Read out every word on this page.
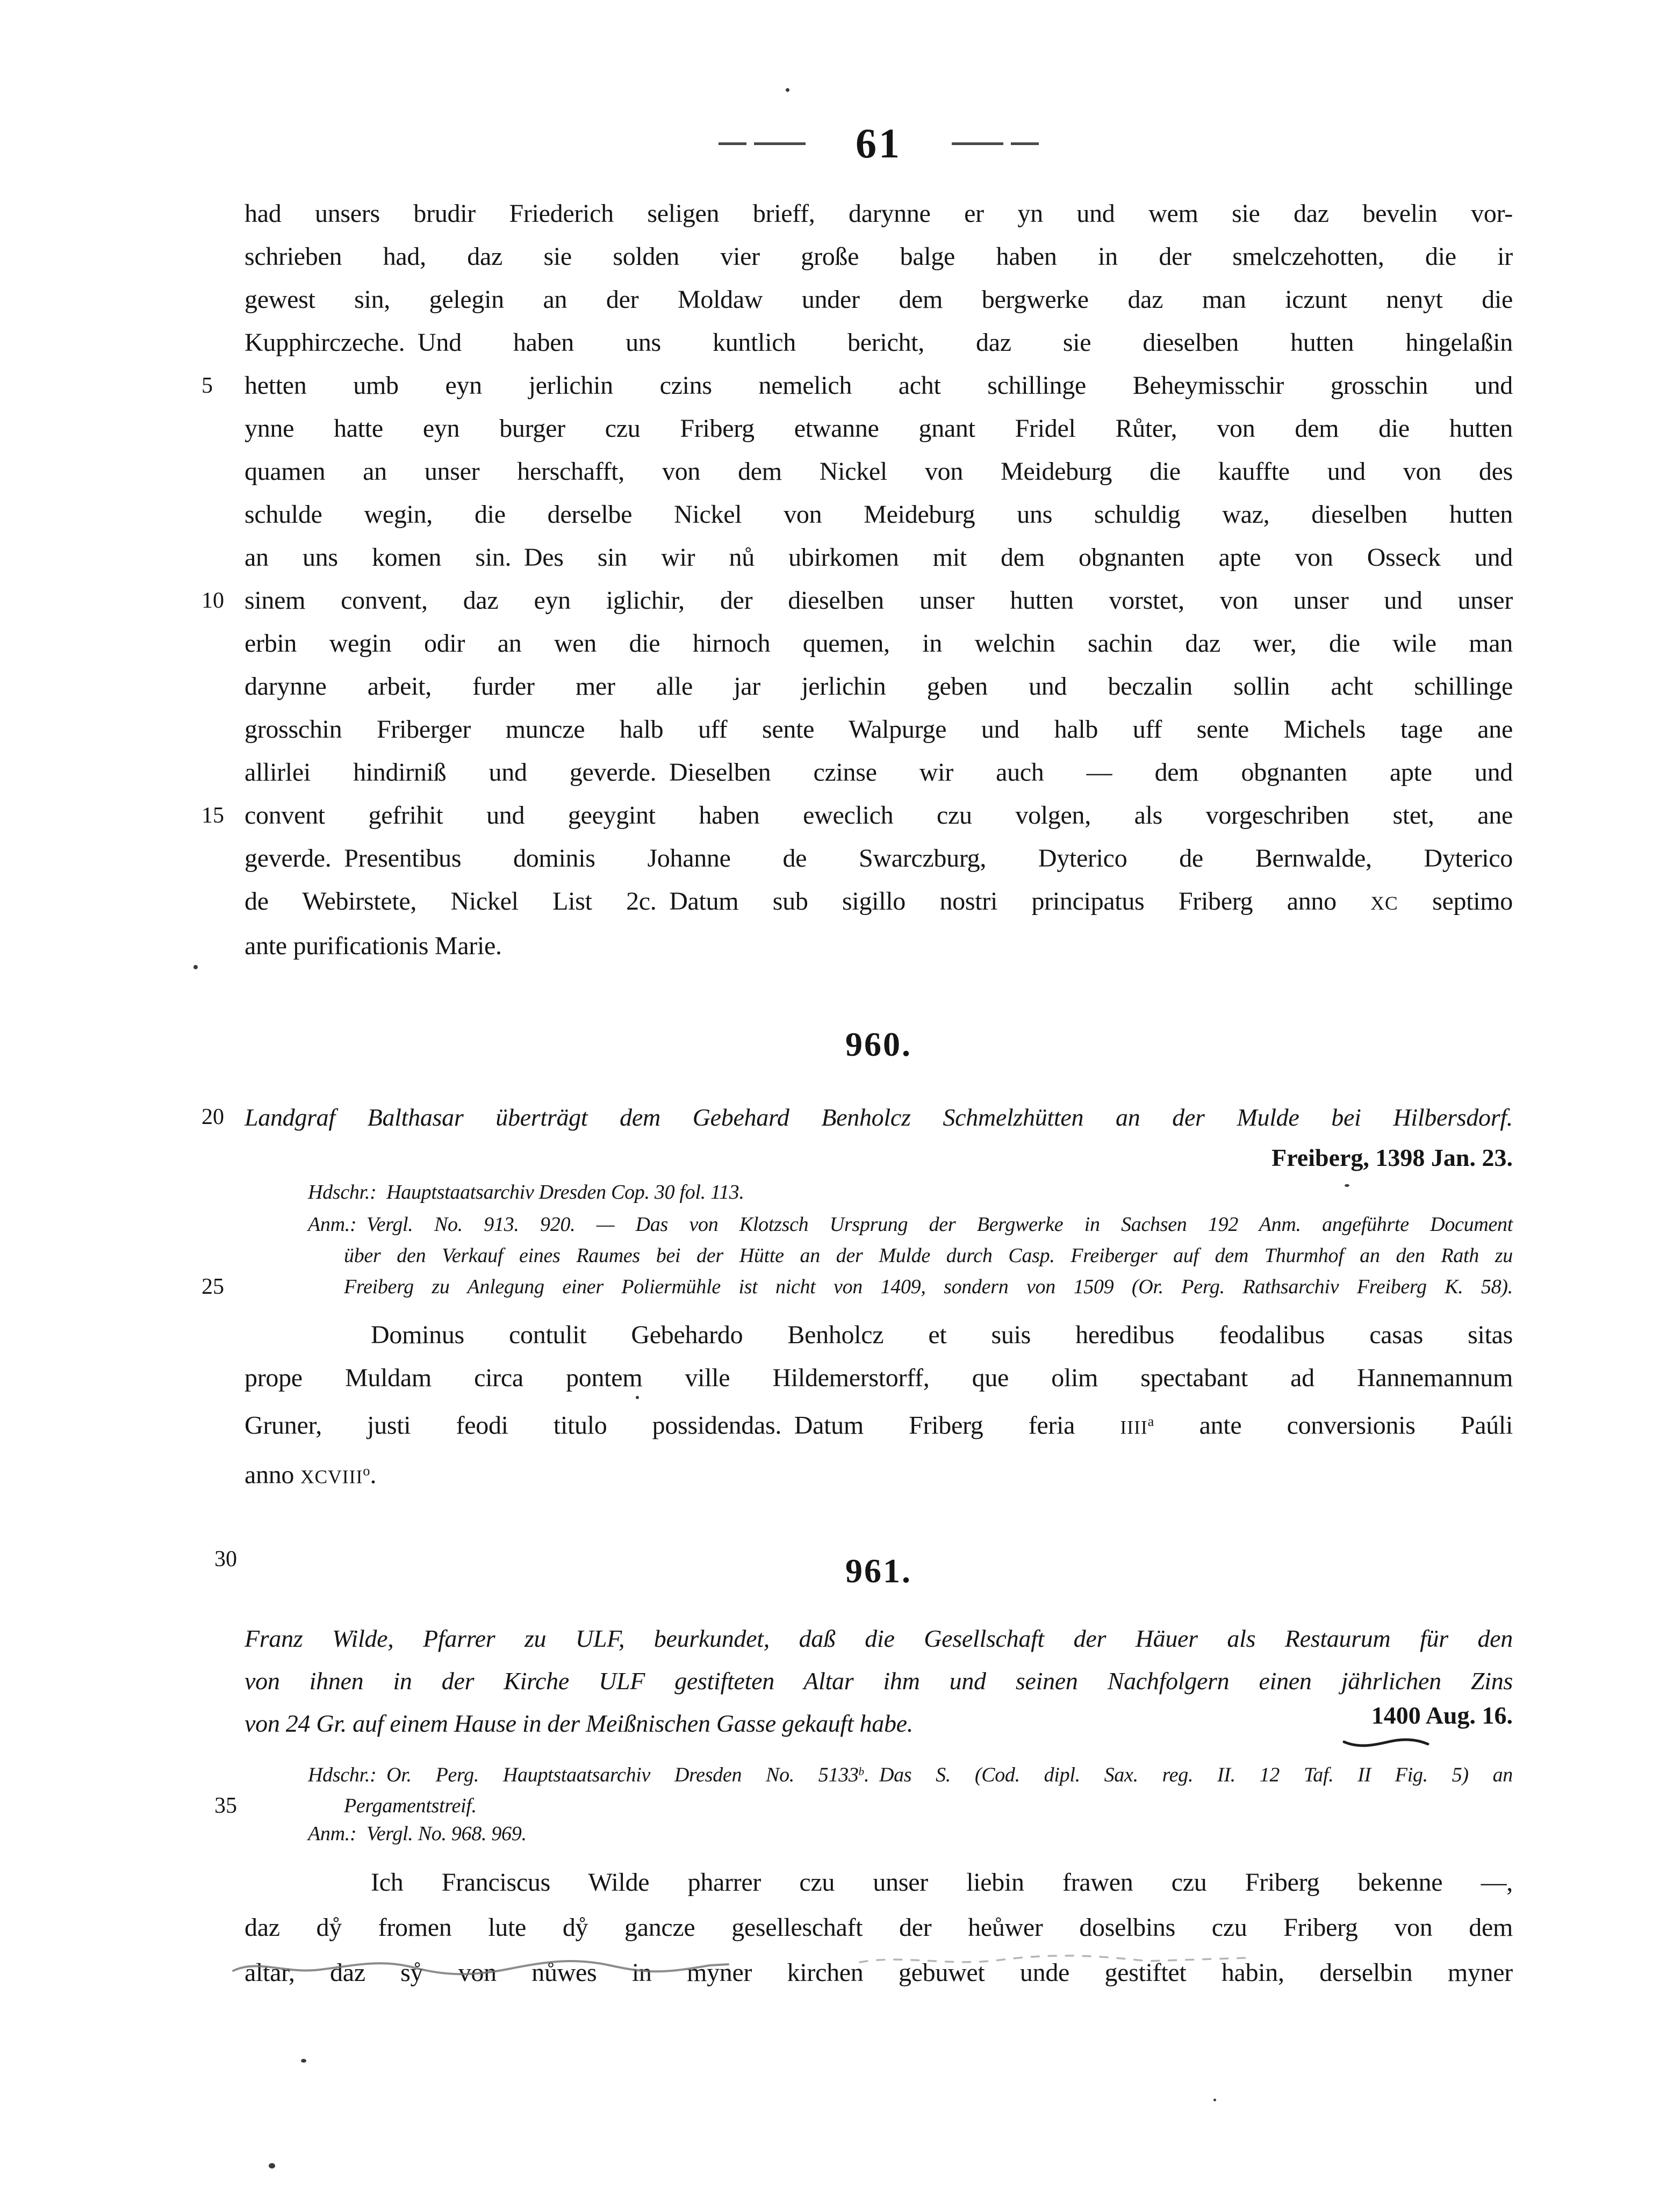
61
had unsers brudir Friederich seligen brieff, darynne er yn und wem sie daz bevelin vor-
schrieben had, daz sie solden vier große balge haben in der smelczehotten, die ir
gewest sin, gelegin an der Moldaw under dem bergwerke daz man iczunt nenyt die
Kupphirczeche. Und haben uns kuntlich bericht, daz sie dieselben hutten hingelaßin
5	hetten umb eyn jerlichin czins nemelich acht schillinge Beheymisschir grosschin und
ynne hatte eyn burger czu Friberg etwanne gnant Fridel Růter, von dem die hutten
quamen an unser herschafft, von dem Nickel von Meideburg die kauffte und von des
schulde wegin, die derselbe Nickel von Meideburg uns schuldig waz, dieselben hutten
an uns komen sin. Des sin wir nů ubirkomen mit dem obgnanten apte von Osseck und
10 sinem convent, daz eyn iglichir, der dieselben unser hutten vorstet, von unser und unser
erbin wegin odir an wen die hirnoch quemen, in welchin sachin daz wer, die wile man
darynne arbeit, furder mer alle jar jerlichin geben und beczalin sollin acht schillinge
grosschin Friberger muncze halb uff sente Walpurge und halb uff sente Michels tage ane
allirlei hindirniß und geverde. Dieselben czinse wir auch — dem obgnanten apte und
15 convent gefrihit und geeygint haben eweclich czu volgen, als vorgeschriben stet, ane
geverde. Presentibus dominis Johanne de Swarczburg, Dyterico de Bernwalde, Dyterico
de Webirstete, Nickel List 2c. Datum sub sigillo nostri principatus Friberg anno XC septimo
ante purificationis Marie.
960.
20 Landgraf Balthasar überträgt dem Gebehard Benholcz Schmelzhütten an der Mulde bei Hilbersdorf.
Freiberg, 1398 Jan. 23.
Hdschr.: Hauptstaatsarchiv Dresden Cop. 30 fol. 113.
Anm.: Vergl. No. 913. 920. — Das von Klotzsch Ursprung der Bergwerke in Sachsen 192 Anm. angeführte Document
über den Verkauf eines Raumes bei der Hütte an der Mulde durch Casp. Freiberger auf dem Thurmhof an den Rath zu
25	Freiberg zu Anlegung einer Poliermühle ist nicht von 1409, sondern von 1509 (Or. Perg. Rathsarchiv Freiberg K. 58).
Dominus contulit Gebehardo Benholcz et suis heredibus feodalibus casas sitas
prope Muldam circa pontem ville Hildemerstorff, que olim spectabant ad Hannemannum
Gruner, justi feodi titulo possidendas. Datum Friberg feria IIII$^a$ ante conversionis Paúli
anno XCVIII$^o$.
30	961.
Franz Wilde, Pfarrer zu ULF, beurkundet, daß die Gesellschaft der Häuer als Restaurum für den
von ihnen in der Kirche ULF gestifteten Altar ihm und seinen Nachfolgern einen jährlichen Zins
von 24 Gr. auf einem Hause in der Meißnischen Gasse gekauft habe.	1400 Aug. 16.
Hdschr.: Or. Perg. Hauptstaatsarchiv Dresden No. 5133$^b$. Das S. (Cod. dipl. Sax. reg. II. 12 Taf. II Fig. 5) an
35	Pergamentstreif.
Anm.: Vergl. No. 968. 969.
Ich Franciscus Wilde pharrer czu unser liebin frawen czu Friberg bekenne —,
daz dẙ fromen lute dẙ gancze geselleschaft der heůwer doselbins czu Friberg von dem
altar, daz sẙ von nůwes in myner kirchen gebuwet unde gestiftet habin, derselbin myner
